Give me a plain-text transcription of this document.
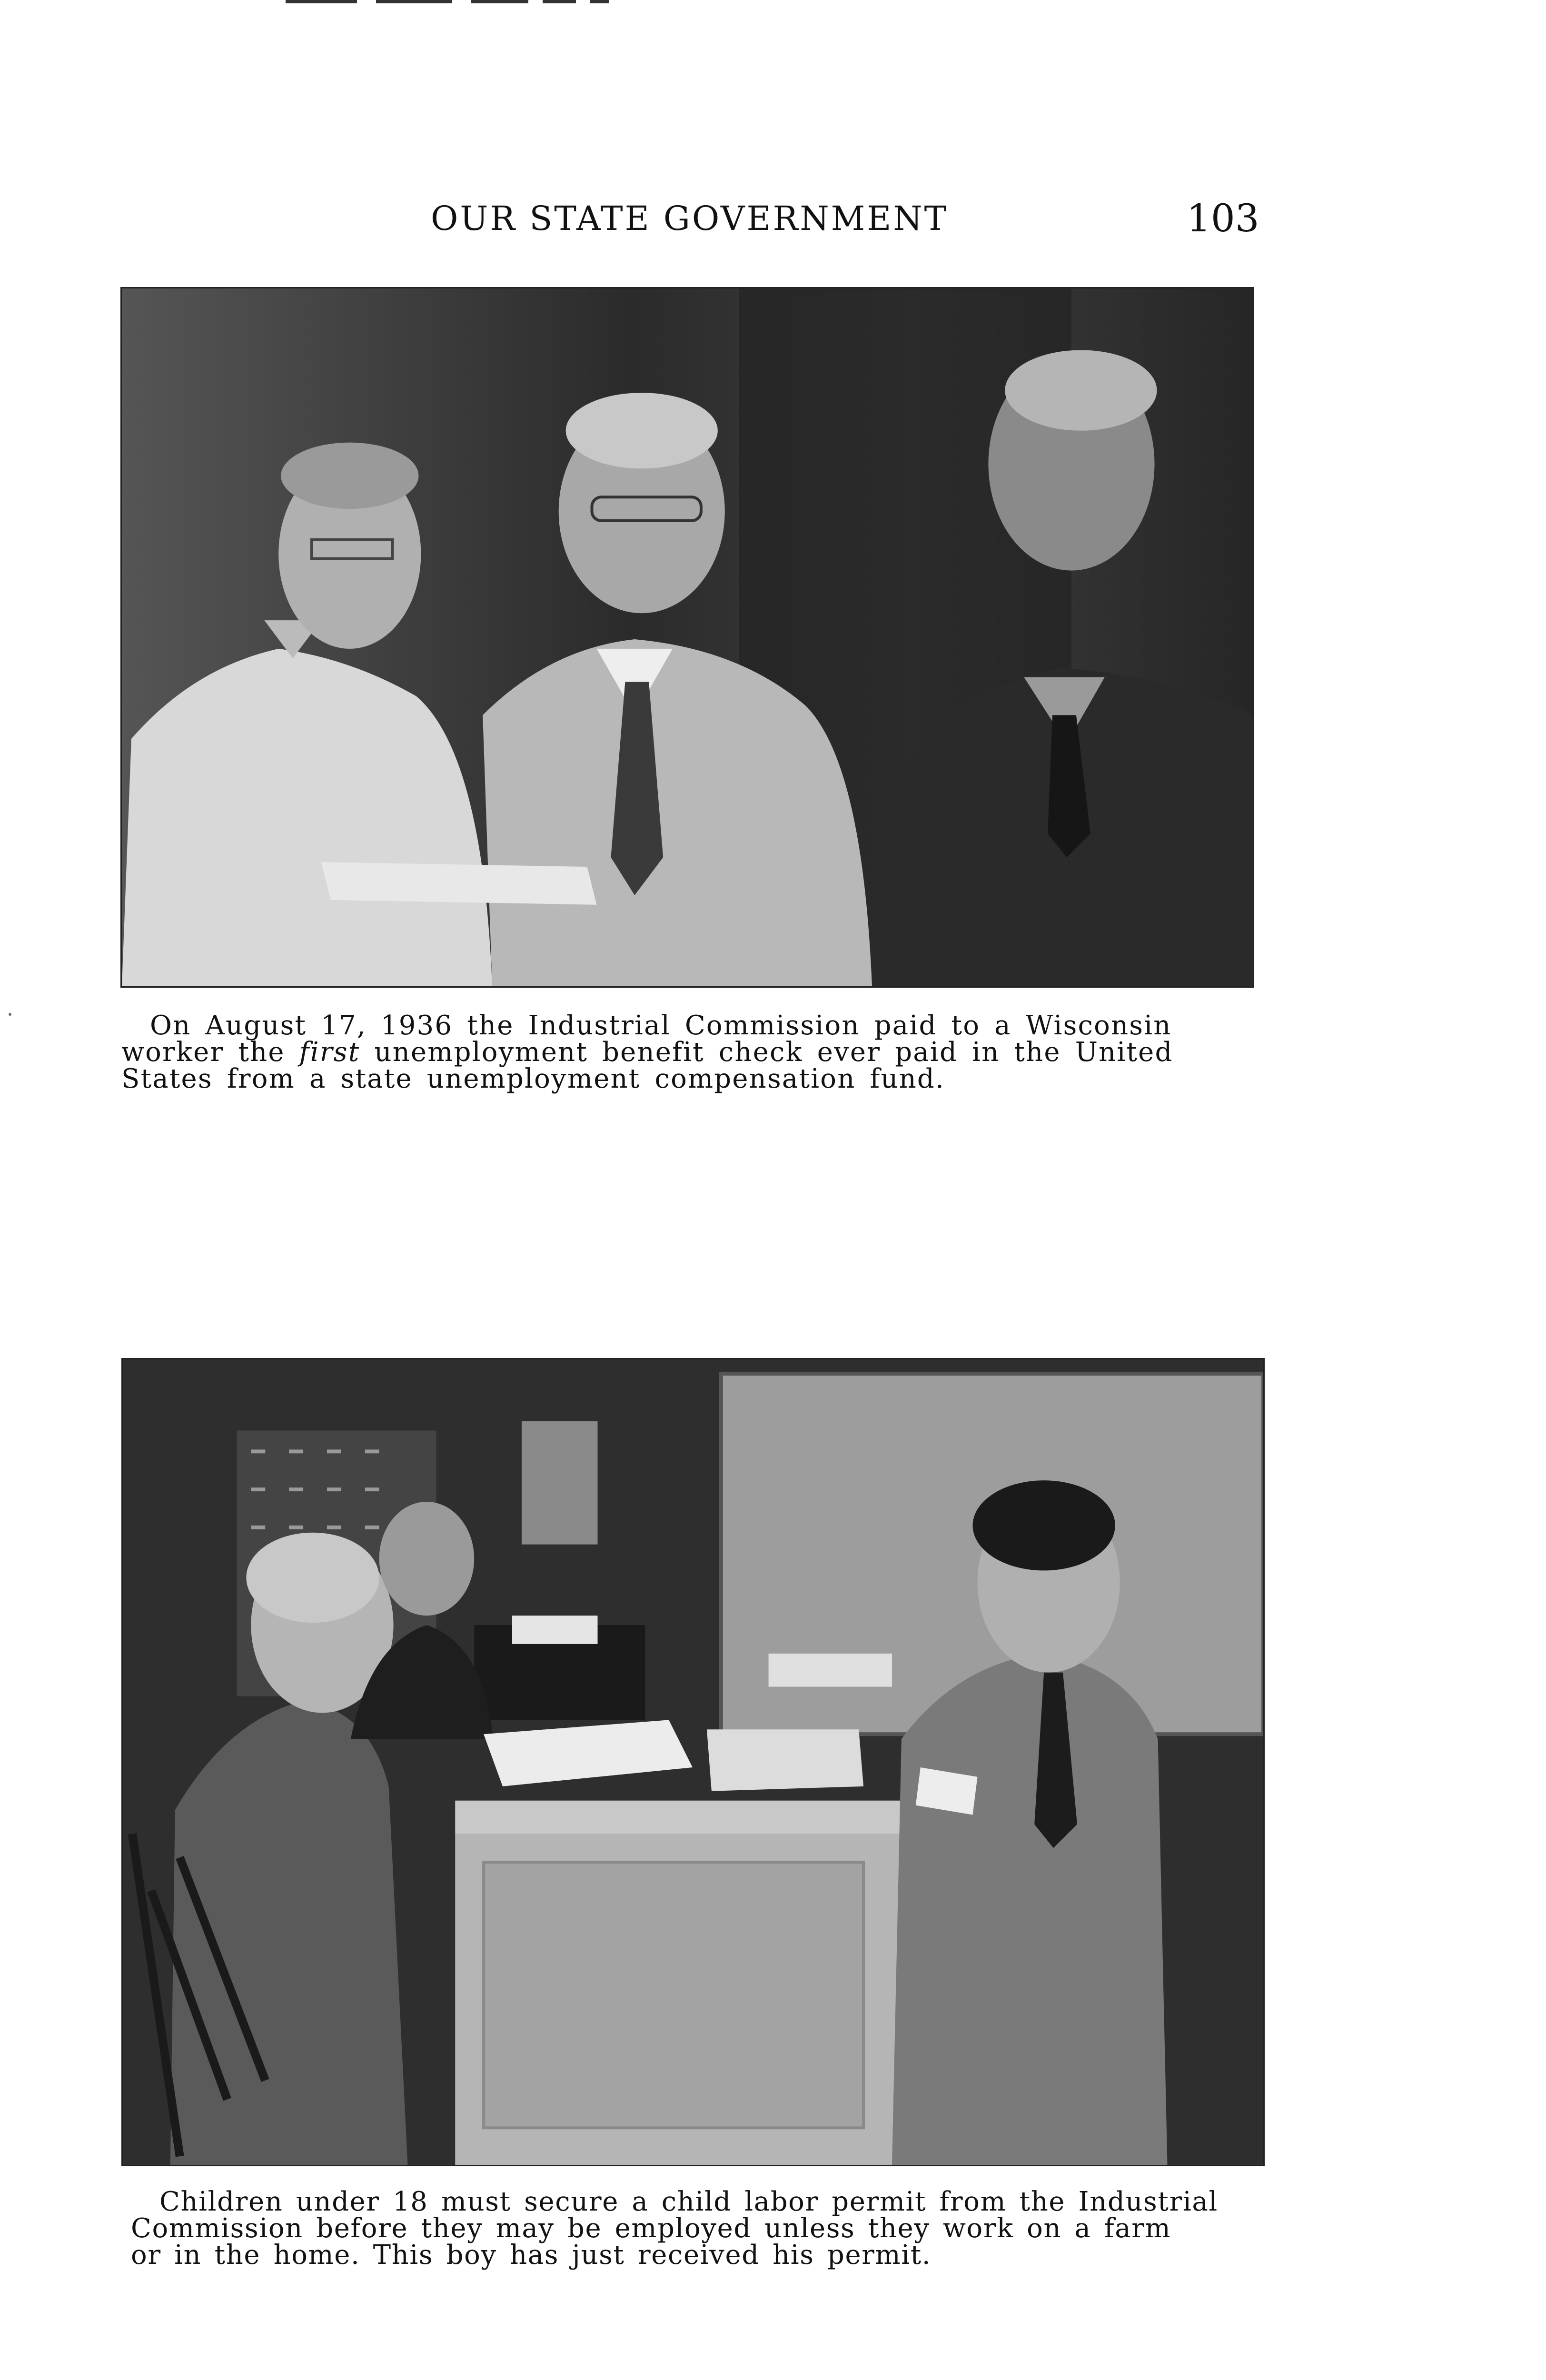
OUR STATE GOVERNMENT	103
On August 17, 1936 the Industrial Commission paid to a Wisconsin
worker the first unemployment benefit check ever paid in the United
States from a state unemployment compensation fund.
Children under 18 must secure a child labor permit from the Industrial
Commission before they may be employed unless they work on a farm
or in the home. This boy has just received his permit.
